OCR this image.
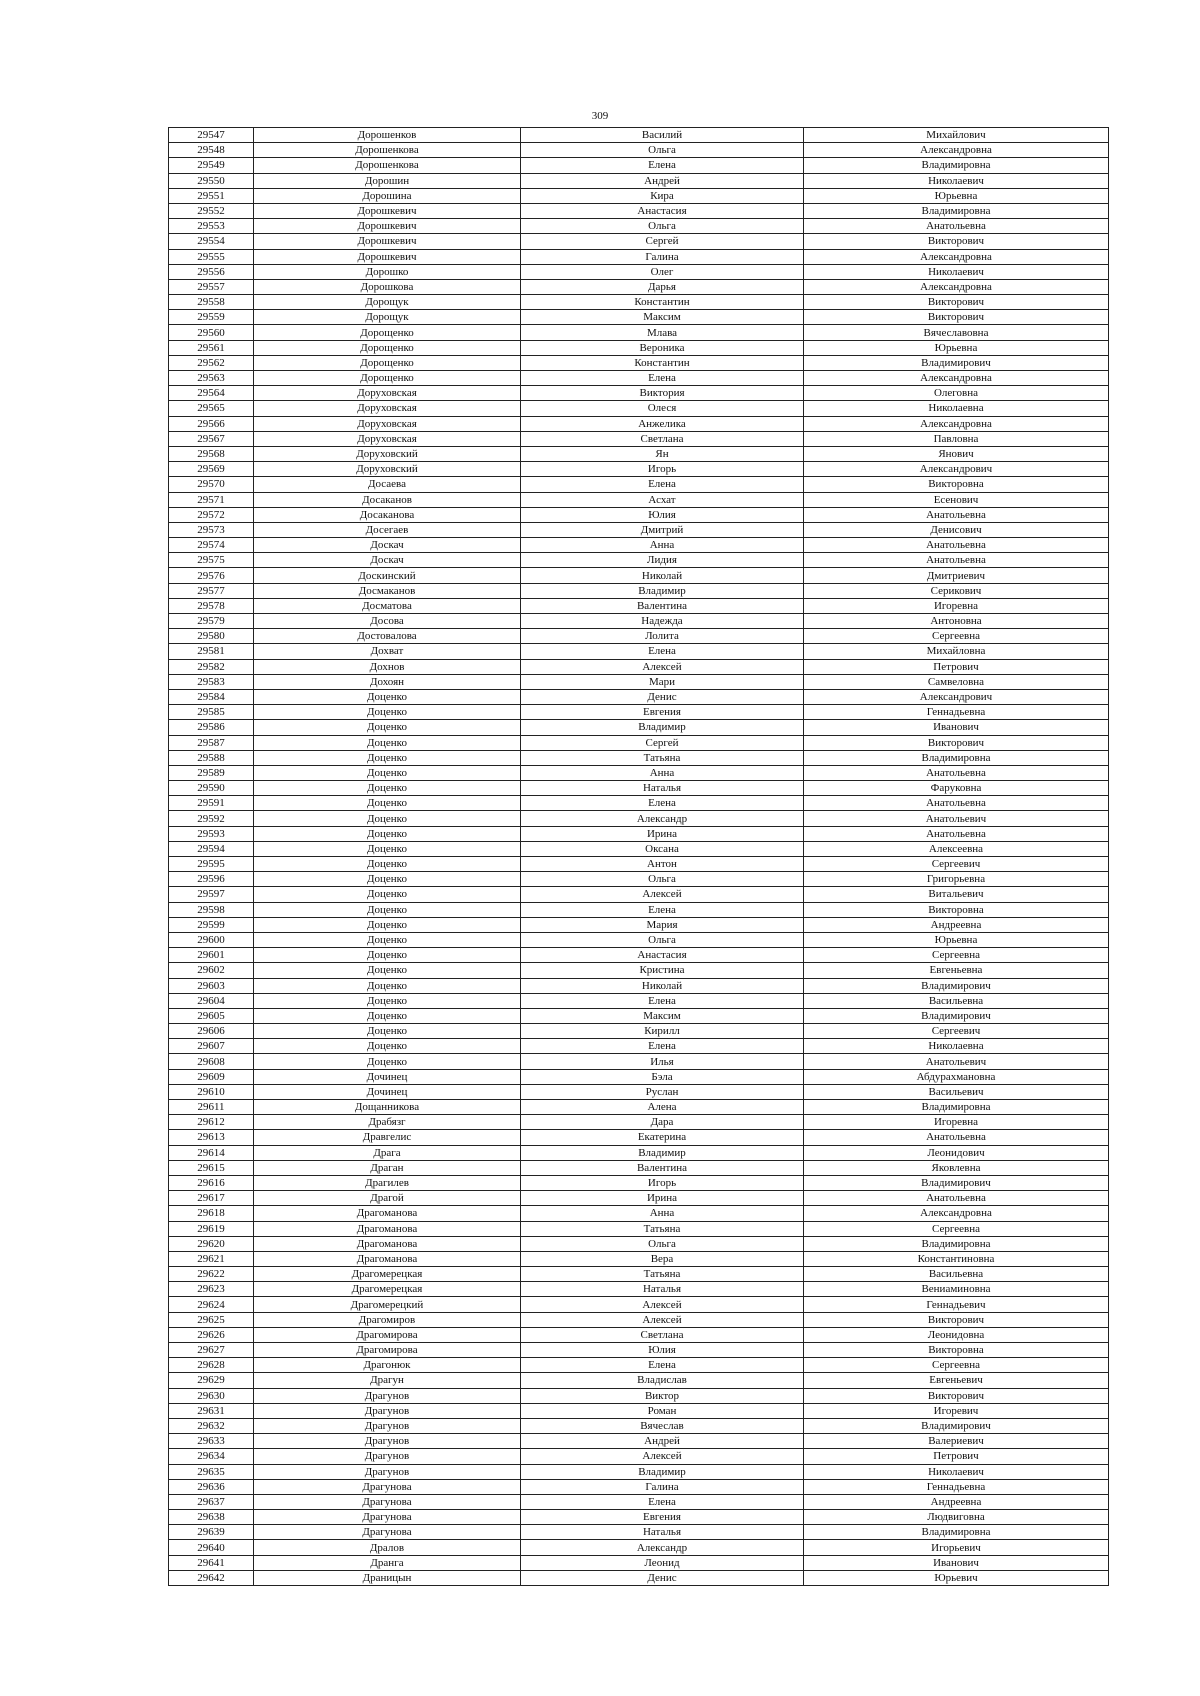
309
29547	Дорошенков	Василий	Михайлович
29548	Дорошенкова	Ольга	Александровна
29549	Дорошенкова	Елена	Владимировна
29550	Дорошин	Андрей	Николаевич
29551	Дорошина	Кира	Юрьевна
29552	Дорошкевич	Анастасия	Владимировна
29553	Дорошкевич	Ольга	Анатольевна
29554	Дорошкевич	Сергей	Викторович
29555	Дорошкевич	Галина	Александровна
29556	Дорошко	Олег	Николаевич
29557	Дорошкова	Дарья	Александровна
29558	Дорощук	Константин	Викторович
29559	Дорощук	Максим	Викторович
29560	Дорощенко	Млава	Вячеславовна
29561	Дорощенко	Вероника	Юрьевна
29562	Дорощенко	Константин	Владимирович
29563	Дорощенко	Елена	Александровна
29564	Доруховская	Виктория	Олеговна
29565	Доруховская	Олеся	Николаевна
29566	Доруховская	Анжелика	Александровна
29567	Доруховская	Светлана	Павловна
29568	Доруховский	Ян	Янович
29569	Доруховский	Игорь	Александрович
29570	Досаева	Елена	Викторовна
29571	Досаканов	Асхат	Есенович
29572	Досаканова	Юлия	Анатольевна
29573	Досегаев	Дмитрий	Денисович
29574	Доскач	Анна	Анатольевна
29575	Доскач	Лидия	Анатольевна
29576	Доскинский	Николай	Дмитриевич
29577	Досмаканов	Владимир	Серикович
29578	Досматова	Валентина	Игоревна
29579	Досова	Надежда	Антоновна
29580	Достовалова	Лолита	Сергеевна
29581	Дохват	Елена	Михайловна
29582	Дохнов	Алексей	Петрович
29583	Дохоян	Мари	Самвеловна
29584	Доценко	Денис	Александрович
29585	Доценко	Евгения	Геннадьевна
29586	Доценко	Владимир	Иванович
29587	Доценко	Сергей	Викторович
29588	Доценко	Татьяна	Владимировна
29589	Доценко	Анна	Анатольевна
29590	Доценко	Наталья	Фаруковна
29591	Доценко	Елена	Анатольевна
29592	Доценко	Александр	Анатольевич
29593	Доценко	Ирина	Анатольевна
29594	Доценко	Оксана	Алексеевна
29595	Доценко	Антон	Сергеевич
29596	Доценко	Ольга	Григорьевна
29597	Доценко	Алексей	Витальевич
29598	Доценко	Елена	Викторовна
29599	Доценко	Мария	Андреевна
29600	Доценко	Ольга	Юрьевна
29601	Доценко	Анастасия	Сергеевна
29602	Доценко	Кристина	Евгеньевна
29603	Доценко	Николай	Владимирович
29604	Доценко	Елена	Васильевна
29605	Доценко	Максим	Владимирович
29606	Доценко	Кирилл	Сергеевич
29607	Доценко	Елена	Николаевна
29608	Доценко	Илья	Анатольевич
29609	Дочинец	Бэла	Абдурахмановна
29610	Дочинец	Руслан	Васильевич
29611	Дощанникова	Алена	Владимировна
29612	Драбязг	Дара	Игоревна
29613	Дравгелис	Екатерина	Анатольевна
29614	Драга	Владимир	Леонидович
29615	Драган	Валентина	Яковлевна
29616	Драгилев	Игорь	Владимирович
29617	Драгой	Ирина	Анатольевна
29618	Драгоманова	Анна	Александровна
29619	Драгоманова	Татьяна	Сергеевна
29620	Драгоманова	Ольга	Владимировна
29621	Драгоманова	Вера	Константиновна
29622	Драгомерецкая	Татьяна	Васильевна
29623	Драгомерецкая	Наталья	Вениаминовна
29624	Драгомерецкий	Алексей	Геннадьевич
29625	Драгомиров	Алексей	Викторович
29626	Драгомирова	Светлана	Леонидовна
29627	Драгомирова	Юлия	Викторовна
29628	Драгонюк	Елена	Сергеевна
29629	Драгун	Владислав	Евгеньевич
29630	Драгунов	Виктор	Викторович
29631	Драгунов	Роман	Игоревич
29632	Драгунов	Вячеслав	Владимирович
29633	Драгунов	Андрей	Валериевич
29634	Драгунов	Алексей	Петрович
29635	Драгунов	Владимир	Николаевич
29636	Драгунова	Галина	Геннадьевна
29637	Драгунова	Елена	Андреевна
29638	Драгунова	Евгения	Людвиговна
29639	Драгунова	Наталья	Владимировна
29640	Дралов	Александр	Игорьевич
29641	Дранга	Леонид	Иванович
29642	Драницын	Денис	Юрьевич
